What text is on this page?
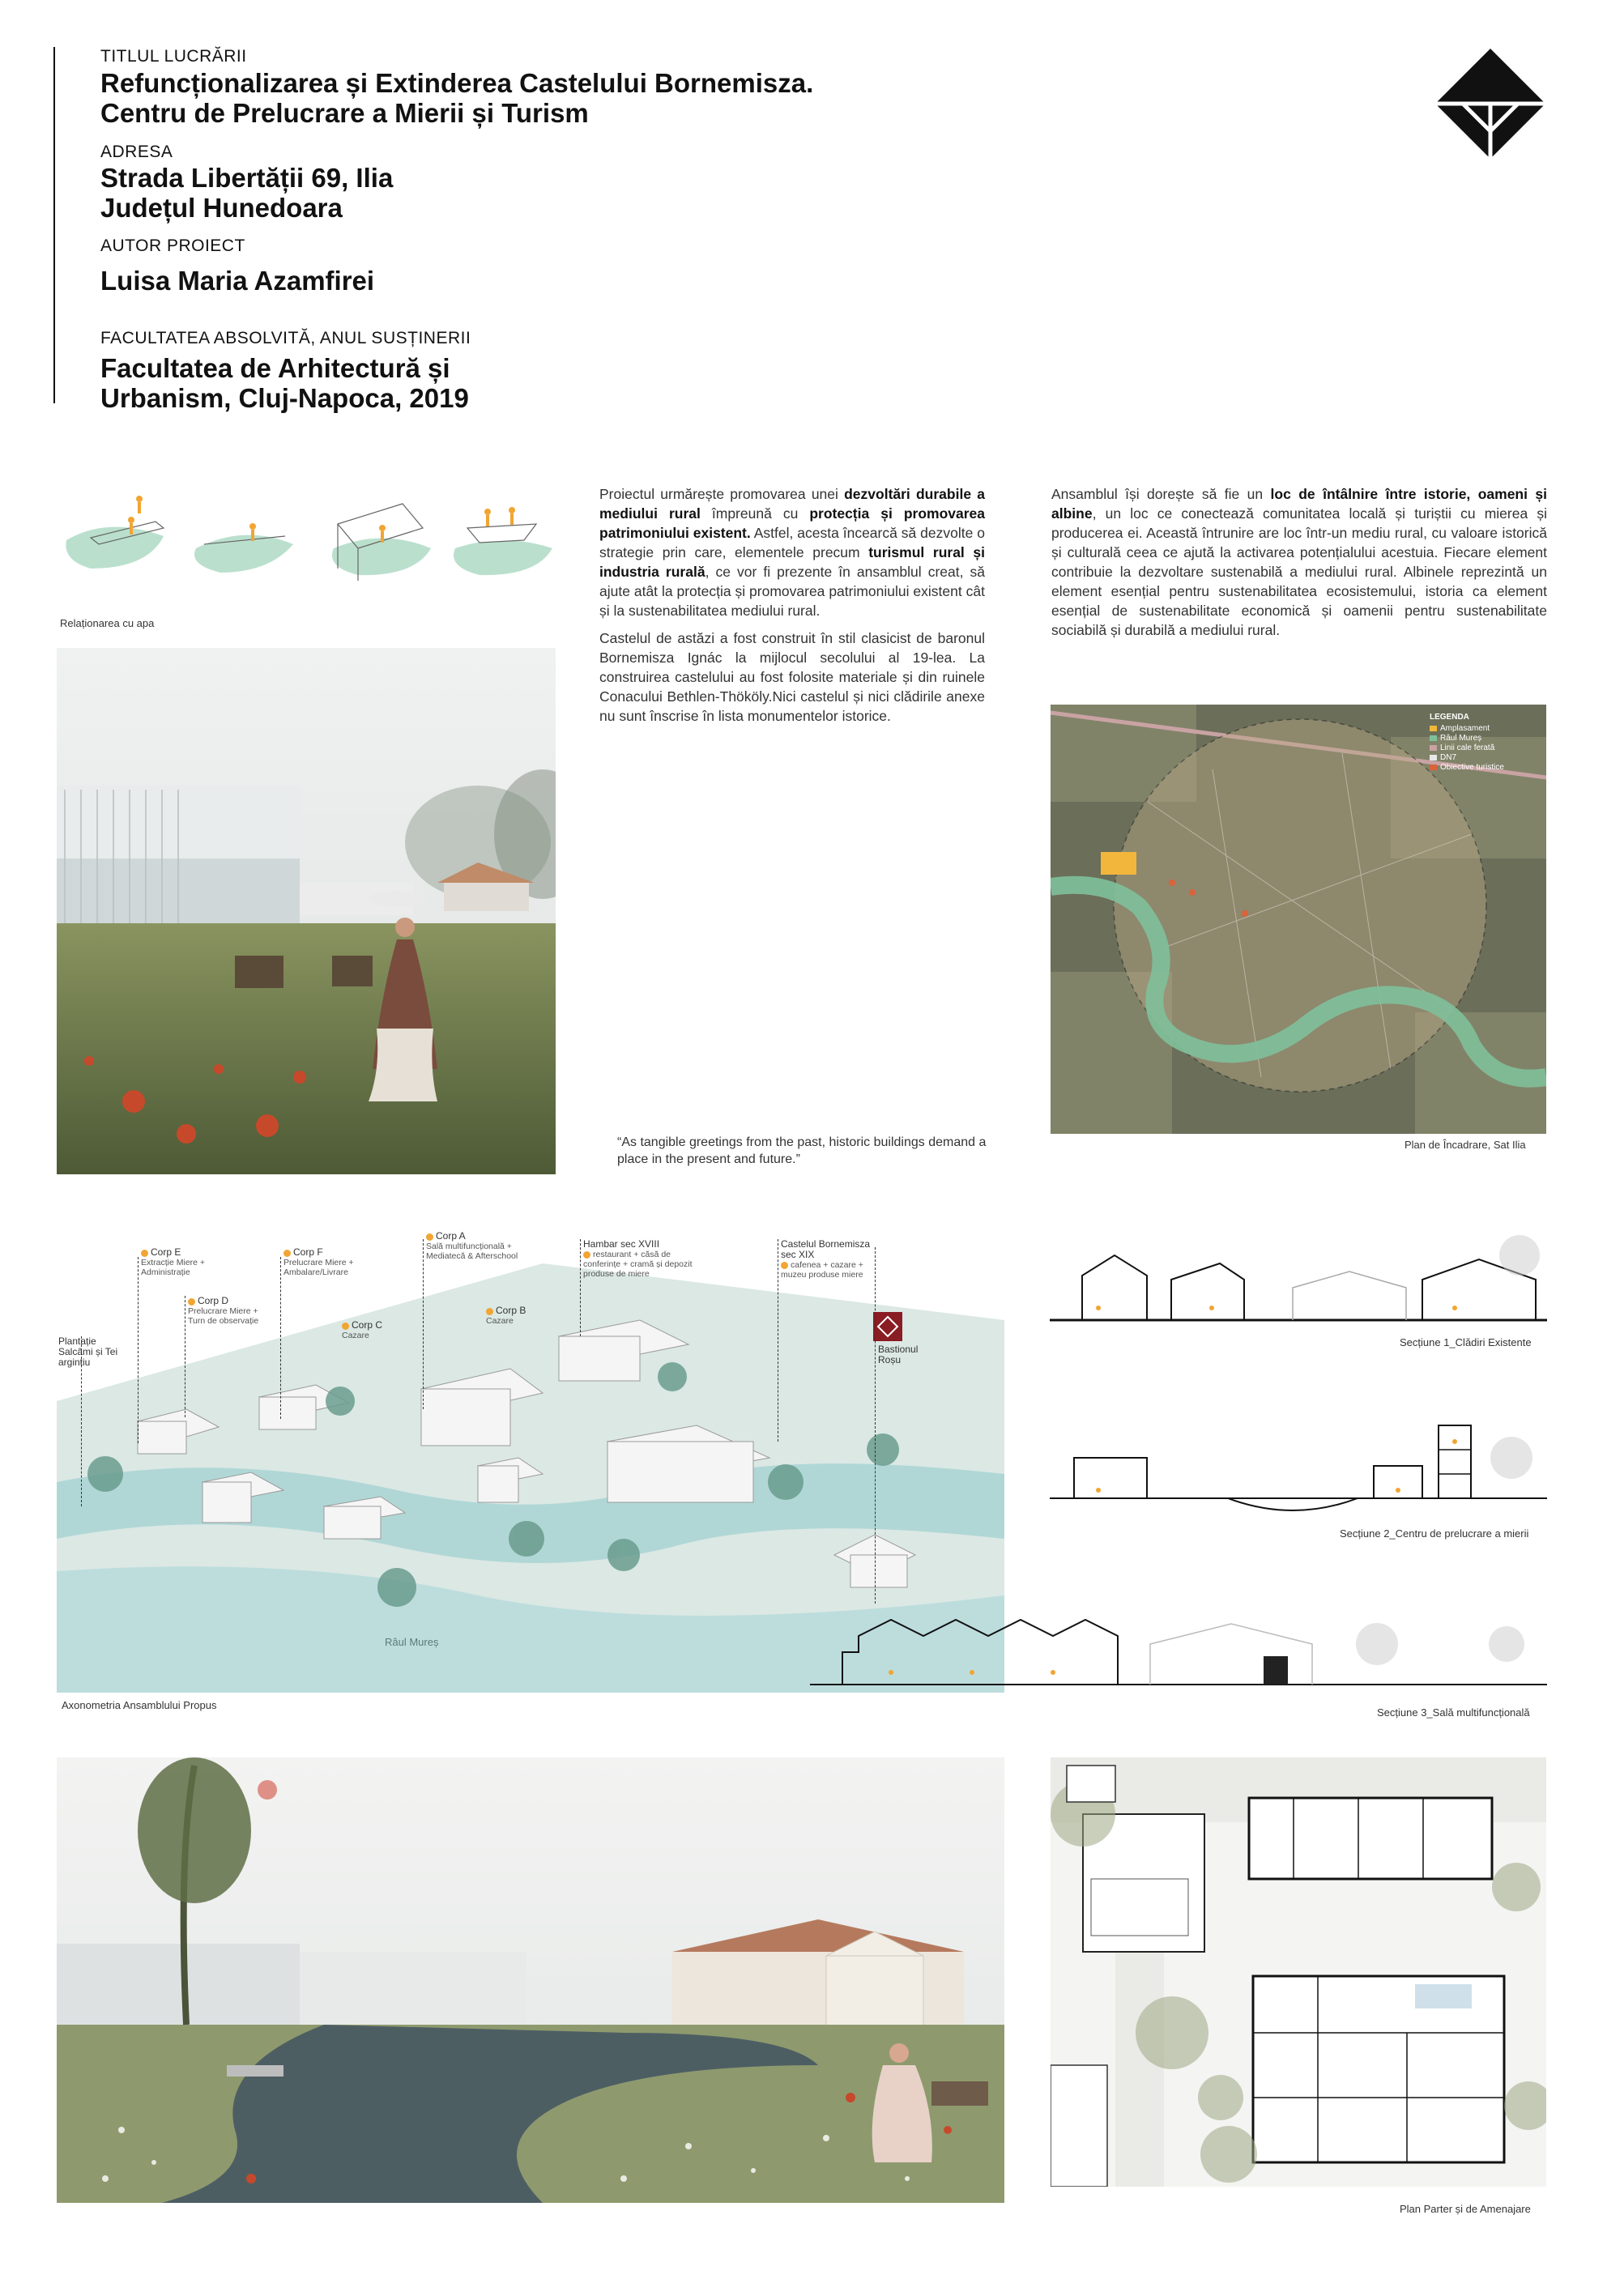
TITLUL LUCRĂRII
Refuncționalizarea și Extinderea Castelului Bornemisza.
Centru de Prelucrare a Mierii și Turism
ADRESA
Strada Libertății 69, Ilia
Județul Hunedoara
AUTOR PROIECT
Luisa Maria Azamfirei
FACULTATEA ABSOLVITĂ, ANUL SUSȚINERII
Facultatea de Arhitectură și
Urbanism, Cluj-Napoca, 2019
Relaționarea cu apa

Proiectul urmărește promovarea unei dezvoltări durabile a mediului rural împreună cu protecția și promovarea patrimoniului existent. Astfel, acesta încearcă să dezvolte o strategie prin care, elementele precum turismul rural și industria rurală, ce vor fi prezente în ansamblul creat, să ajute atât la protecția și promovarea patrimoniului existent cât și la sustenabilitatea mediului rural.

Castelul de astăzi a fost construit în stil clasicist de baronul Bornemisza Ignác la mijlocul secolului al 19-lea. La construirea castelului au fost folosite materiale și din ruinele Conacului Bethlen-Thököly.Nici castelul și nici clădirile anexe nu sunt înscrise în lista monumentelor istorice.

Ansamblul își dorește să fie un loc de întâlnire între istorie, oameni și albine, un loc ce conectează comunitatea locală și turiștii cu mierea și producerea ei. Această întrunire are loc într-un mediu rural, cu valoare istorică și culturală ceea ce ajută la activarea potențialului acestuia. Fiecare element contribuie la dezvoltare sustenabilă a mediului rural. Albinele reprezintă un element esențial pentru sustenabilitatea ecosistemului, istoria ca element esențial de sustenabilitate economică și oamenii pentru sustenabilitate sociabilă și durabilă a mediului rural.

“As tangible greetings from the past, historic buildings demand a place in the present and future.”
LEGENDA
Amplasament
Râul Mureș
Linii cale ferată
DN7
Obiective turistice
Plan de Încadrare, Sat Ilia
Plantație Salcâmi și Tei argintiu
Corp E
Extracție Miere + Administrație
Corp D
Prelucrare Miere + Turn de observație
Corp F
Prelucrare Miere + Ambalare/Livrare
Corp C
Cazare
Corp A
Sală multifuncțională + Mediatecă & Afterschool
Corp B
Cazare
Hambar sec XVIII
restaurant + căsă de conferințe + cramă și depozit produse de miere
Castelul Bornemisza sec XIX
cafenea + cazare + muzeu produse miere
Bastionul Roșu
Râul Mureș
Axonometria Ansamblului Propus
Secțiune 1_Clădiri Existente
Secțiune 2_Centru de prelucrare a mierii
Secțiune 3_Sală multifuncțională
Plan Parter și de Amenajare
